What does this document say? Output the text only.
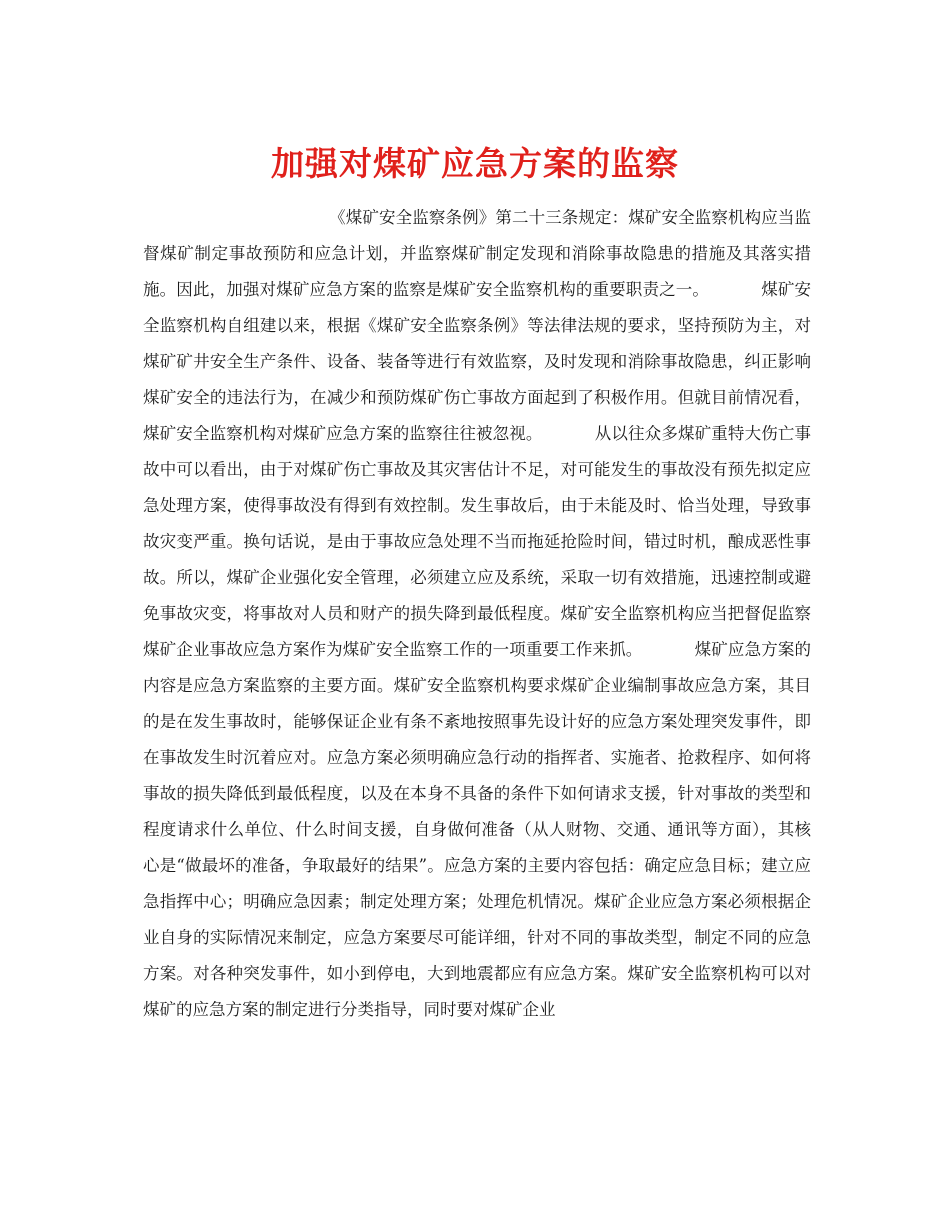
加强对煤矿应急方案的监察
《煤矿安全监察条例》第二十三条规定：煤矿安全监察机构应当监督煤矿制定事故预防和应急计划，并监察煤矿制定发现和消除事故隐患的措施及其落实措施。因此，加强对煤矿应急方案的监察是煤矿安全监察机构的重要职责之一。	煤矿安全监察机构自组建以来，根据《煤矿安全监察条例》等法律法规的要求，坚持预防为主，对煤矿矿井安全生产条件、设备、装备等进行有效监察，及时发现和消除事故隐患，纠正影响煤矿安全的违法行为，在减少和预防煤矿伤亡事故方面起到了积极作用。但就目前情况看，煤矿安全监察机构对煤矿应急方案的监察往往被忽视。	从以往众多煤矿重特大伤亡事故中可以看出，由于对煤矿伤亡事故及其灾害估计不足，对可能发生的事故没有预先拟定应急处理方案，使得事故没有得到有效控制。发生事故后，由于未能及时、恰当处理，导致事故灾变严重。换句话说，是由于事故应急处理不当而拖延抢险时间，错过时机，酿成恶性事故。所以，煤矿企业强化安全管理，必须建立应及系统，采取一切有效措施，迅速控制或避免事故灾变，将事故对人员和财产的损失降到最低程度。煤矿安全监察机构应当把督促监察煤矿企业事故应急方案作为煤矿安全监察工作的一项重要工作来抓。	煤矿应急方案的内容是应急方案监察的主要方面。煤矿安全监察机构要求煤矿企业编制事故应急方案，其目的是在发生事故时，能够保证企业有条不紊地按照事先设计好的应急方案处理突发事件，即在事故发生时沉着应对。应急方案必须明确应急行动的指挥者、实施者、抢救程序、如何将事故的损失降低到最低程度，以及在本身不具备的条件下如何请求支援，针对事故的类型和程度请求什么单位、什么时间支援，自身做何准备（从人财物、交通、通讯等方面），其核心是“做最坏的准备，争取最好的结果”。应急方案的主要内容包括：确定应急目标；建立应急指挥中心；明确应急因素；制定处理方案；处理危机情况。煤矿企业应急方案必须根据企业自身的实际情况来制定，应急方案要尽可能详细，针对不同的事故类型，制定不同的应急方案。对各种突发事件，如小到停电，大到地震都应有应急方案。煤矿安全监察机构可以对煤矿的应急方案的制定进行分类指导，同时要对煤矿企业
